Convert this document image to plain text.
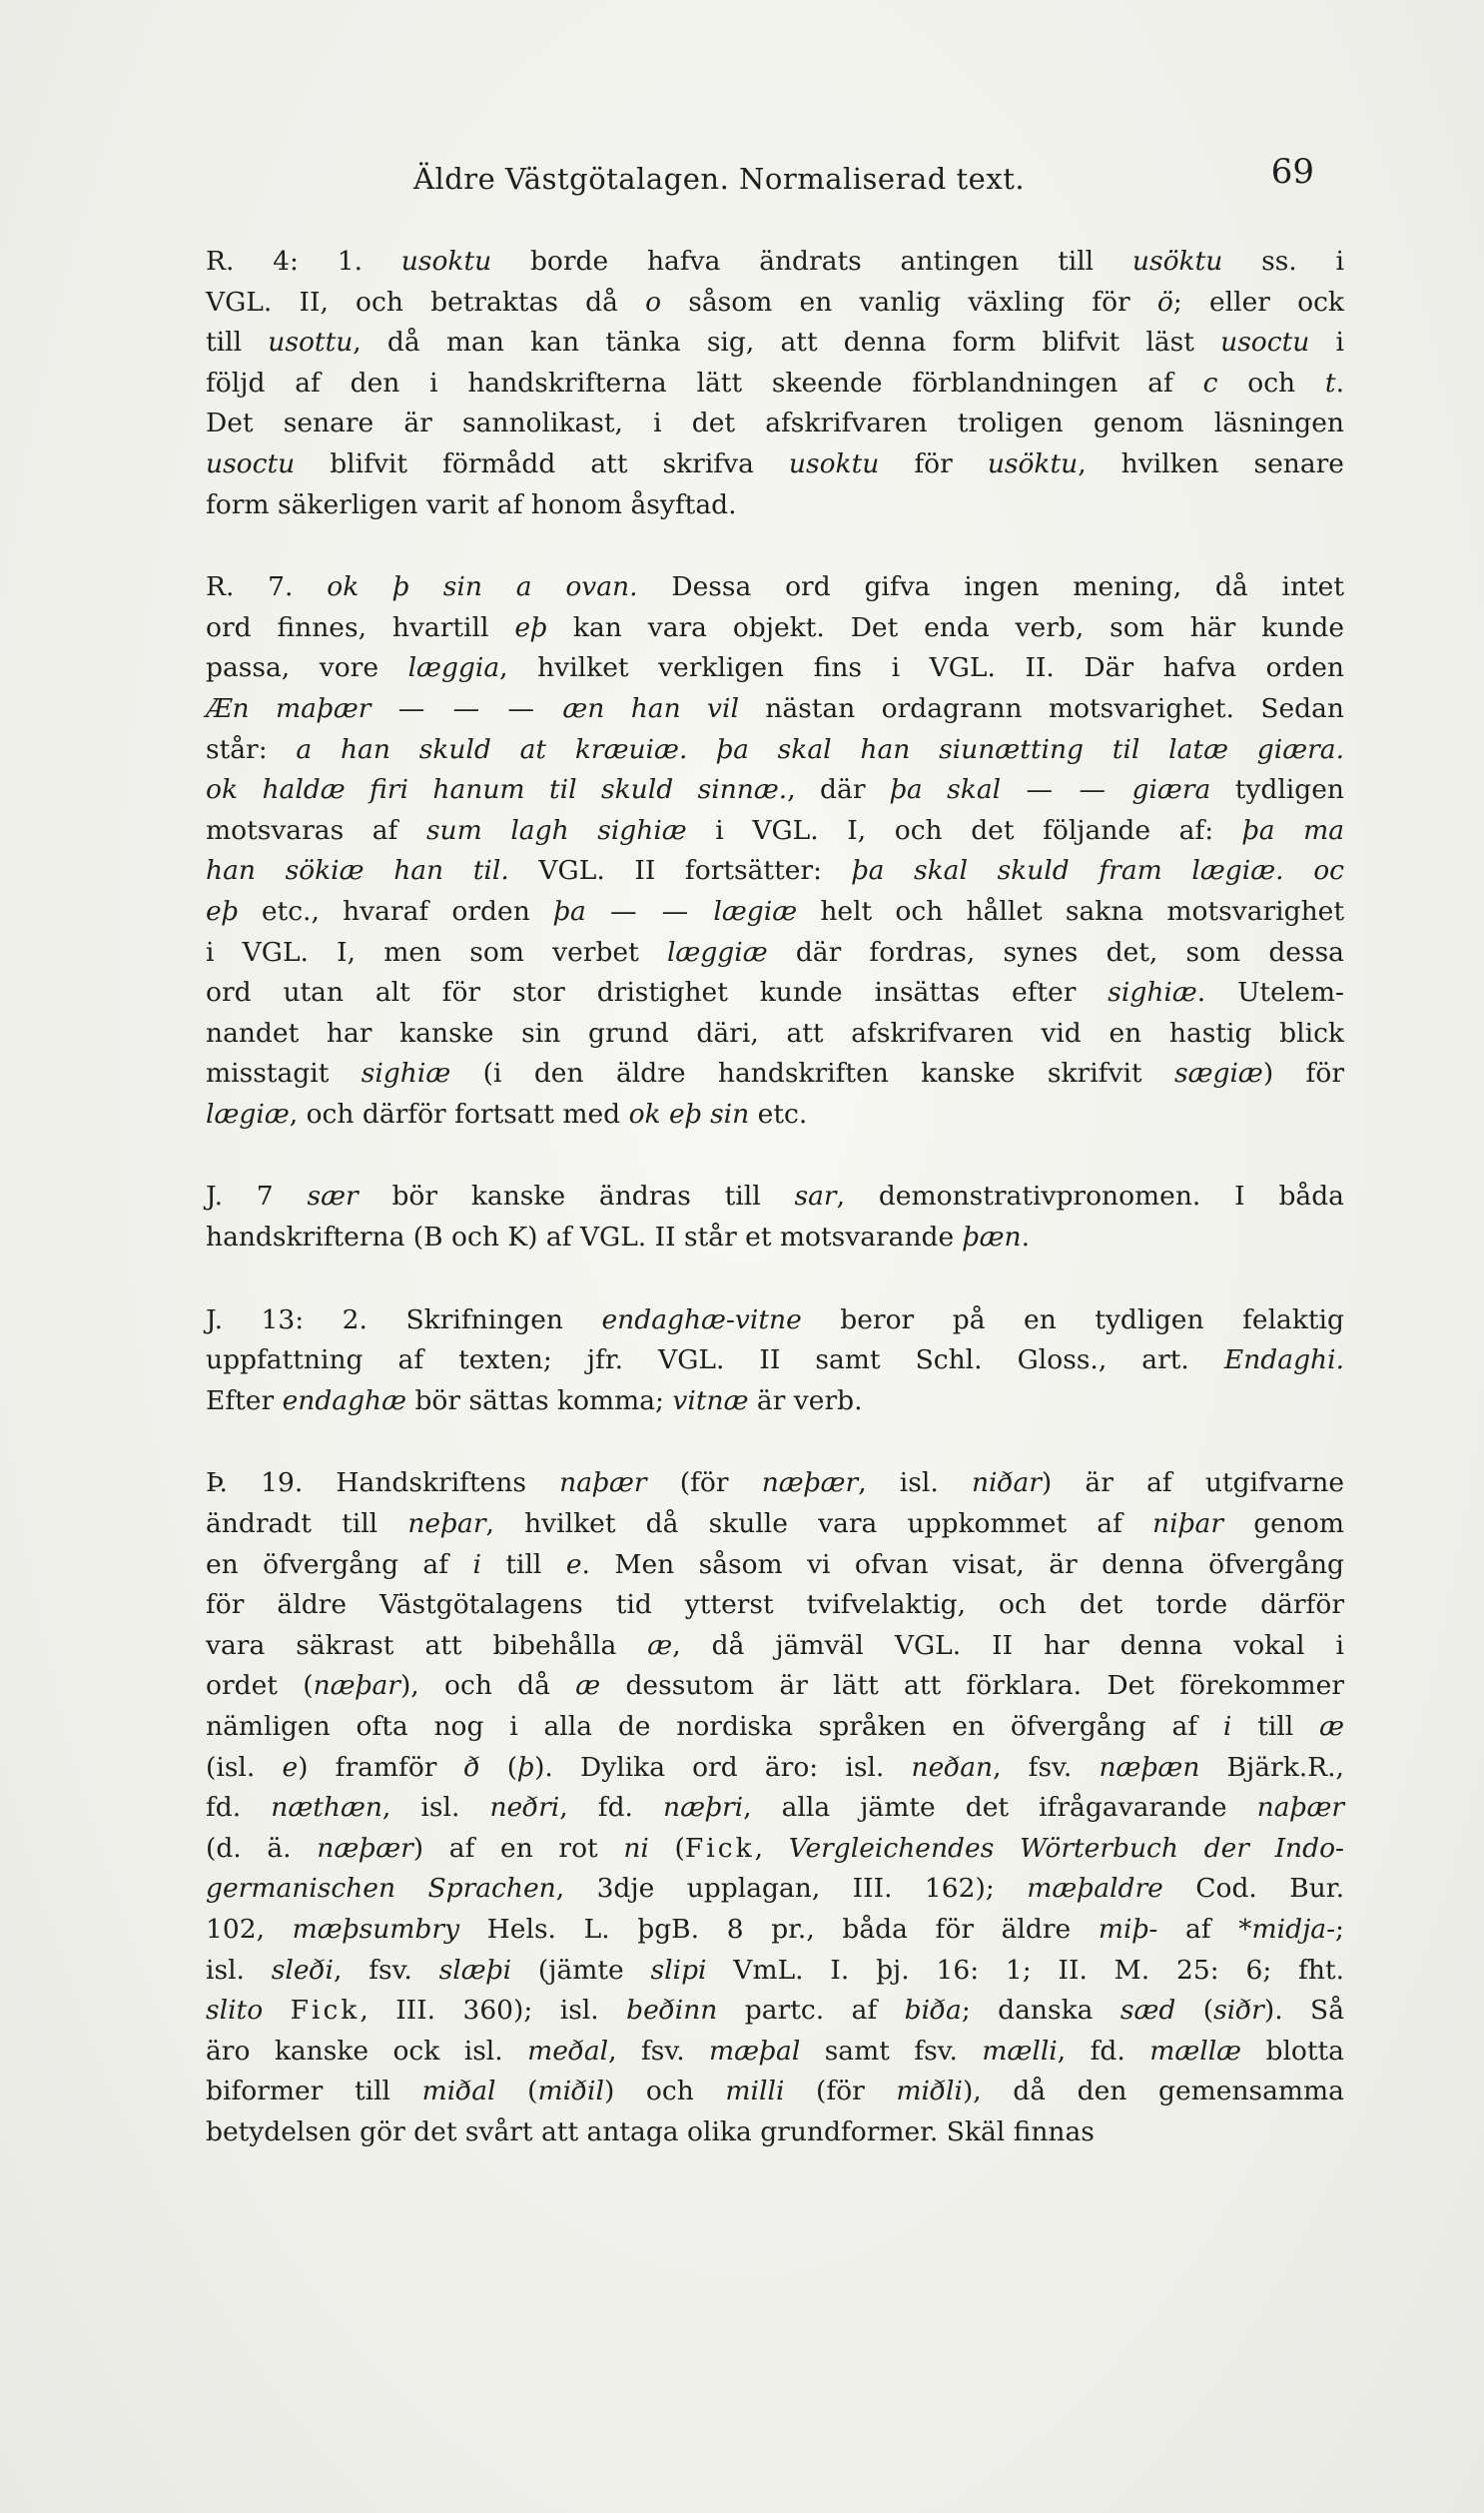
Äldre Västgötalagen. Normaliserad text.	69
R. 4: 1. usoktu borde hafva ändrats antingen till usöktu ss. i
VGL. II, och betraktas då o såsom en vanlig växling för ö; eller ock
till usottu, då man kan tänka sig, att denna form blifvit läst usoctu i
följd af den i handskrifterna lätt skeende förblandningen af c och t.
Det senare är sannolikast, i det afskrifvaren troligen genom läsningen
usoctu blifvit förmådd att skrifva usoktu för usöktu, hvilken senare
form säkerligen varit af honom åsyftad.
R. 7. ok þ sin a ovan. Dessa ord gifva ingen mening, då intet
ord finnes, hvartill eþ kan vara objekt. Det enda verb, som här kunde
passa, vore læggia, hvilket verkligen fins i VGL. II. Där hafva orden
Æn maþær — — — æn han vil nästan ordagrann motsvarighet. Sedan
står: a han skuld at kræuiæ. þa skal han siunætting til latæ giæra.
ok haldæ firi hanum til skuld sinnæ., där þa skal — — giæra tydligen
motsvaras af sum lagh sighiæ i VGL. I, och det följande af: þa ma
han sökiæ han til. VGL. II fortsätter: þa skal skuld fram lægiæ. oc
eþ etc., hvaraf orden þa — — lægiæ helt och hållet sakna motsvarighet
i VGL. I, men som verbet læggiæ där fordras, synes det, som dessa
ord utan alt för stor dristighet kunde insättas efter sighiæ. Utelem-
nandet har kanske sin grund däri, att afskrifvaren vid en hastig blick
misstagit sighiæ (i den äldre handskriften kanske skrifvit sægiæ) för
lægiæ, och därför fortsatt med ok eþ sin etc.
J. 7 sær bör kanske ändras till sar, demonstrativpronomen. I båda
handskrifterna (B och K) af VGL. II står et motsvarande þæn.
J. 13: 2. Skrifningen endaghæ-vitne beror på en tydligen felaktig
uppfattning af texten; jfr. VGL. II samt Schl. Gloss., art. Endaghi.
Efter endaghæ bör sättas komma; vitnæ är verb.
Þ. 19. Handskriftens naþær (för næþær, isl. niðar) är af utgifvarne
ändradt till neþar, hvilket då skulle vara uppkommet af niþar genom
en öfvergång af i till e. Men såsom vi ofvan visat, är denna öfvergång
för äldre Västgötalagens tid ytterst tvifvelaktig, och det torde därför
vara säkrast att bibehålla æ, då jämväl VGL. II har denna vokal i
ordet (næþar), och då æ dessutom är lätt att förklara. Det förekommer
nämligen ofta nog i alla de nordiska språken en öfvergång af i till æ
(isl. e) framför ð (þ). Dylika ord äro: isl. neðan, fsv. næþæn Bjärk.R.,
fd. næthæn, isl. neðri, fd. næþri, alla jämte det ifrågavarande naþær
(d. ä. næþær) af en rot ni (Fick, Vergleichendes Wörterbuch der Indo-
germanischen Sprachen, 3dje upplagan, III. 162); mæþaldre Cod. Bur.
102, mæþsumbry Hels. L. þgB. 8 pr., båda för äldre miþ- af *midja-;
isl. sleði, fsv. slæþi (jämte slipi VmL. I. þj. 16: 1; II. M. 25: 6; fht.
slito Fick, III. 360); isl. beðinn partc. af biða; danska sæd (siðr). Så
äro kanske ock isl. meðal, fsv. mæþal samt fsv. mælli, fd. mællæ blotta
biformer till miðal (miðil) och milli (för miðli), då den gemensamma
betydelsen gör det svårt att antaga olika grundformer. Skäl finnas
